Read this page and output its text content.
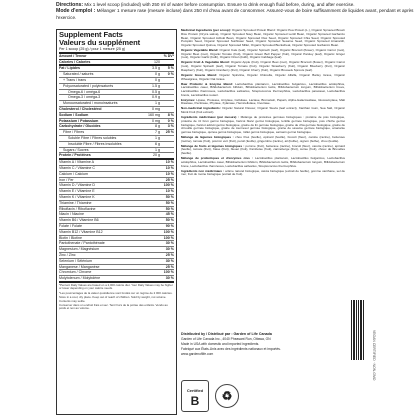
Directions: Mix 1 level scoop (included) with 250 ml of water before consumption. Ensure to drink enough fluid before, during, and after exercise.
Mode d'emploi : Mélanger 1 mesure rase (mesure incluse) dans 250 ml d'eau avant de consommer. Assurez-vous de boire suffisamment de liquides avant, pendant et après l'exercice.
Supplement Facts
Valeurs du supplément
Per 1 scoop (25 g) / pour 1 mesure (25 g)
Amount / Teneur	% DV*
Calories / Calories	120
Fat / Lipides	3.5 g	5 %
Saturated / saturés	0 g	0 %
+ Trans / trans	0 g
Polyunsaturated / polyinsaturés	1.5 g
Omega-6 / oméga-6	0.5 g
Omega-3 / oméga-3	0.9 g
Monounsaturated / monoinsaturés	1 g
Cholesterol / Cholestérol	0 mg
Sodium / Sodium	160 mg	8 %
Potassium / Potassium	0 mg	0 %
Carbohydrate / Glucides	8 g	3 %
Fibre / Fibres	7 g	25 %
Soluble Fibre / Fibres solubles	1 g
Insoluble Fibre / Fibres insolubles	6 g
Sugars / Sucres	1 g
Protein / Protéines	20 g
Vitamin A / Vitamine A	10 %
Vitamin C / Vitamine C	10 %
Calcium / Calcium	10 %
Iron / Fer	25 %
Vitamin D / Vitamine D	100 %
Vitamin E / Vitamine E	10 %
Vitamin K / Vitamine K	50 %
Thiamine / Thiamine	50 %
Riboflavin / Riboflavine	50 %
Niacin / Niacine	45 %
Vitamin B6 / Vitamine B6	50 %
Folate / Folate	90 %
Vitamin B12 / Vitamine B12	100 %
Biotin / Biotine	100 %
Pantothenate / Pantothénate	30 %
Magnesium / Magnésium	30 %
Zinc / Zinc	25 %
Selenium / Sélénium	30 %
Manganese / Manganèse	25 %
Chromium / Chrome	100 %
Molybdenum / Molybdène	30 %

*Percent Daily Values are based on a 2,000 calorie diet. Your Daily Values may be higher or lower depending on your calorie needs.

*Les pourcentages de la valeur quotidienne sont fondés sur un régime de 2 000 calories.

Store in a cool, dry place. Keep out of reach of children. Sold by weight, not volume. Contents may settle.

Conserver dans un endroit frais et sec. Tenir hors de la portée des enfants. Vendu au poids et non au volume.

Medicinal Ingredients (per scoop): Organic Sprouted Protein Blend: Organic Pea Protein (L.), Organic Sprouted Brown Rice Protein (Oryza sativa), Organic Sprouted Navy Bean, Organic Sprouted Lentil Bean, Organic Sprouted Garbanzo Bean, Organic Sprouted Adzuki Bean, Organic Sprouted Flax Seed, Organic Sprouted Chia Seed, Organic Sprouted Pumpkin Seed, Organic Sprouted Sunflower Seed, Organic Sprouted Sesame Seed, Organic Sprouted Amaranth, Organic Sprouted Quinoa, Organic Sprouted Millet, Organic Sprouted Buckwheat, Organic Sprouted Garbanzo Bean.

Organic Vegetable Blend: Organic Kale (leaf), Organic Spinach (leaf), Organic Broccoli (flower), Organic Carrot (root), Organic Beet (root), Organic Tomato (fruit), Organic Green Bell Pepper (fruit), Organic Parsley (leaf), Organic Ginger (root), Organic Garlic (bulb), Organic Onion (bulb), Organic Cabbage (leaf).

Organic Fruit & Vegetable Blend: Organic Apple (fruit), Organic Beet (root), Organic Broccoli (flower), Organic Carrot (root), Organic Spinach (leaf), Organic Tomato (fruit), Organic Strawberry (fruit), Organic Blueberry (fruit), Organic Raspberry (fruit), Organic Cranberry (fruit), Organic Cherry (fruit), Organic Brussels Sprouts (leaf).

Organic Greens Blend: Organic Spirulina, Organic Chlorella, Organic Alfalfa, Organic Barley Grass, Organic Wheatgrass, Organic Oat Grass.

Raw Probiotic & Enzyme Blend: Lactobacillus plantarum, Lactobacillus bulgaricus, Lactobacillus acidophilus, Lactobacillus casei, Bifidobacterium bifidum, Bifidobacterium lactis, Bifidobacterium longum, Bifidobacterium breve, Lactobacillus rhamnosus, Lactobacillus salivarius, Streptococcus thermophilus, Lactobacillus paracasei, Lactobacillus brevis, Lactobacillus reuteri.

Enzymes: Lipase, Protease, Amylase, Cellulase, Lactase, Bromelain, Papain, Alpha-Galactosidase, Glucoamylase, Malt Diastase, Pectinase, Phytase, Xylanase, Hemicellulase, Invertase.

Non-medicinal ingredients: Organic Natural Flavour, Organic Stevia (leaf extract), Xanthan Gum, Sea Salt, Organic Monk Fruit (fruit extract).

Ingrédients médicinaux (par mesure) : Mélange de protéines germées biologiques : protéine de pois biologique, protéine de riz brun germé biologique, haricot blanc germé biologique, lentille germée biologique, pois chiche germé biologique, haricot adzuki germé biologique, graine de lin germée biologique, graine de chia germée biologique, graine de citrouille germée biologique, graine de tournesol germée biologique, graine de sésame germée biologique, amarante germée biologique, quinoa germé biologique, millet germé biologique, sarrasin germé biologique.

Mélange de légumes biologiques : chou frisé (feuille), épinard (feuille), brocoli (fleur), carotte (racine), betterave (racine), tomate (fruit), poivron vert (fruit), persil (feuille), gingembre (racine), ail (bulbe), oignon (bulbe), chou (feuille).

Mélange de fruits et légumes biologiques : pomme (fruit), betterave (racine), brocoli (fleur), carotte (racine), épinard (feuille), tomate (fruit), fraise (fruit), bleuet (fruit), framboise (fruit), canneberge (fruit), cerise (fruit), choux de Bruxelles (feuille).

Mélange de probiotiques et d'enzymes crus : Lactobacillus plantarum, Lactobacillus bulgaricus, Lactobacillus acidophilus, Lactobacillus casei, Bifidobacterium bifidum, Bifidobacterium lactis, Bifidobacterium longum, Bifidobacterium breve, Lactobacillus rhamnosus, Lactobacillus salivarius, Streptococcus thermophilus.

Ingrédients non médicinaux : arôme naturel biologique, stévia biologique (extrait de feuille), gomme xanthane, sel de mer, fruit du moine biologique (extrait de fruit).

Distributed by / Distribué par : Garden of Life Canada

Garden of Life Canada Inc., 4040 Pheasant Run, Ottawa, ON

Made in USA with domestic and imported ingredients.

Fabriqué aux États-Unis avec des ingrédients nationaux et importés.

www.gardenoflife.com

Certified
B	♻
VEGAN CERTIFIED · NON-GMO
